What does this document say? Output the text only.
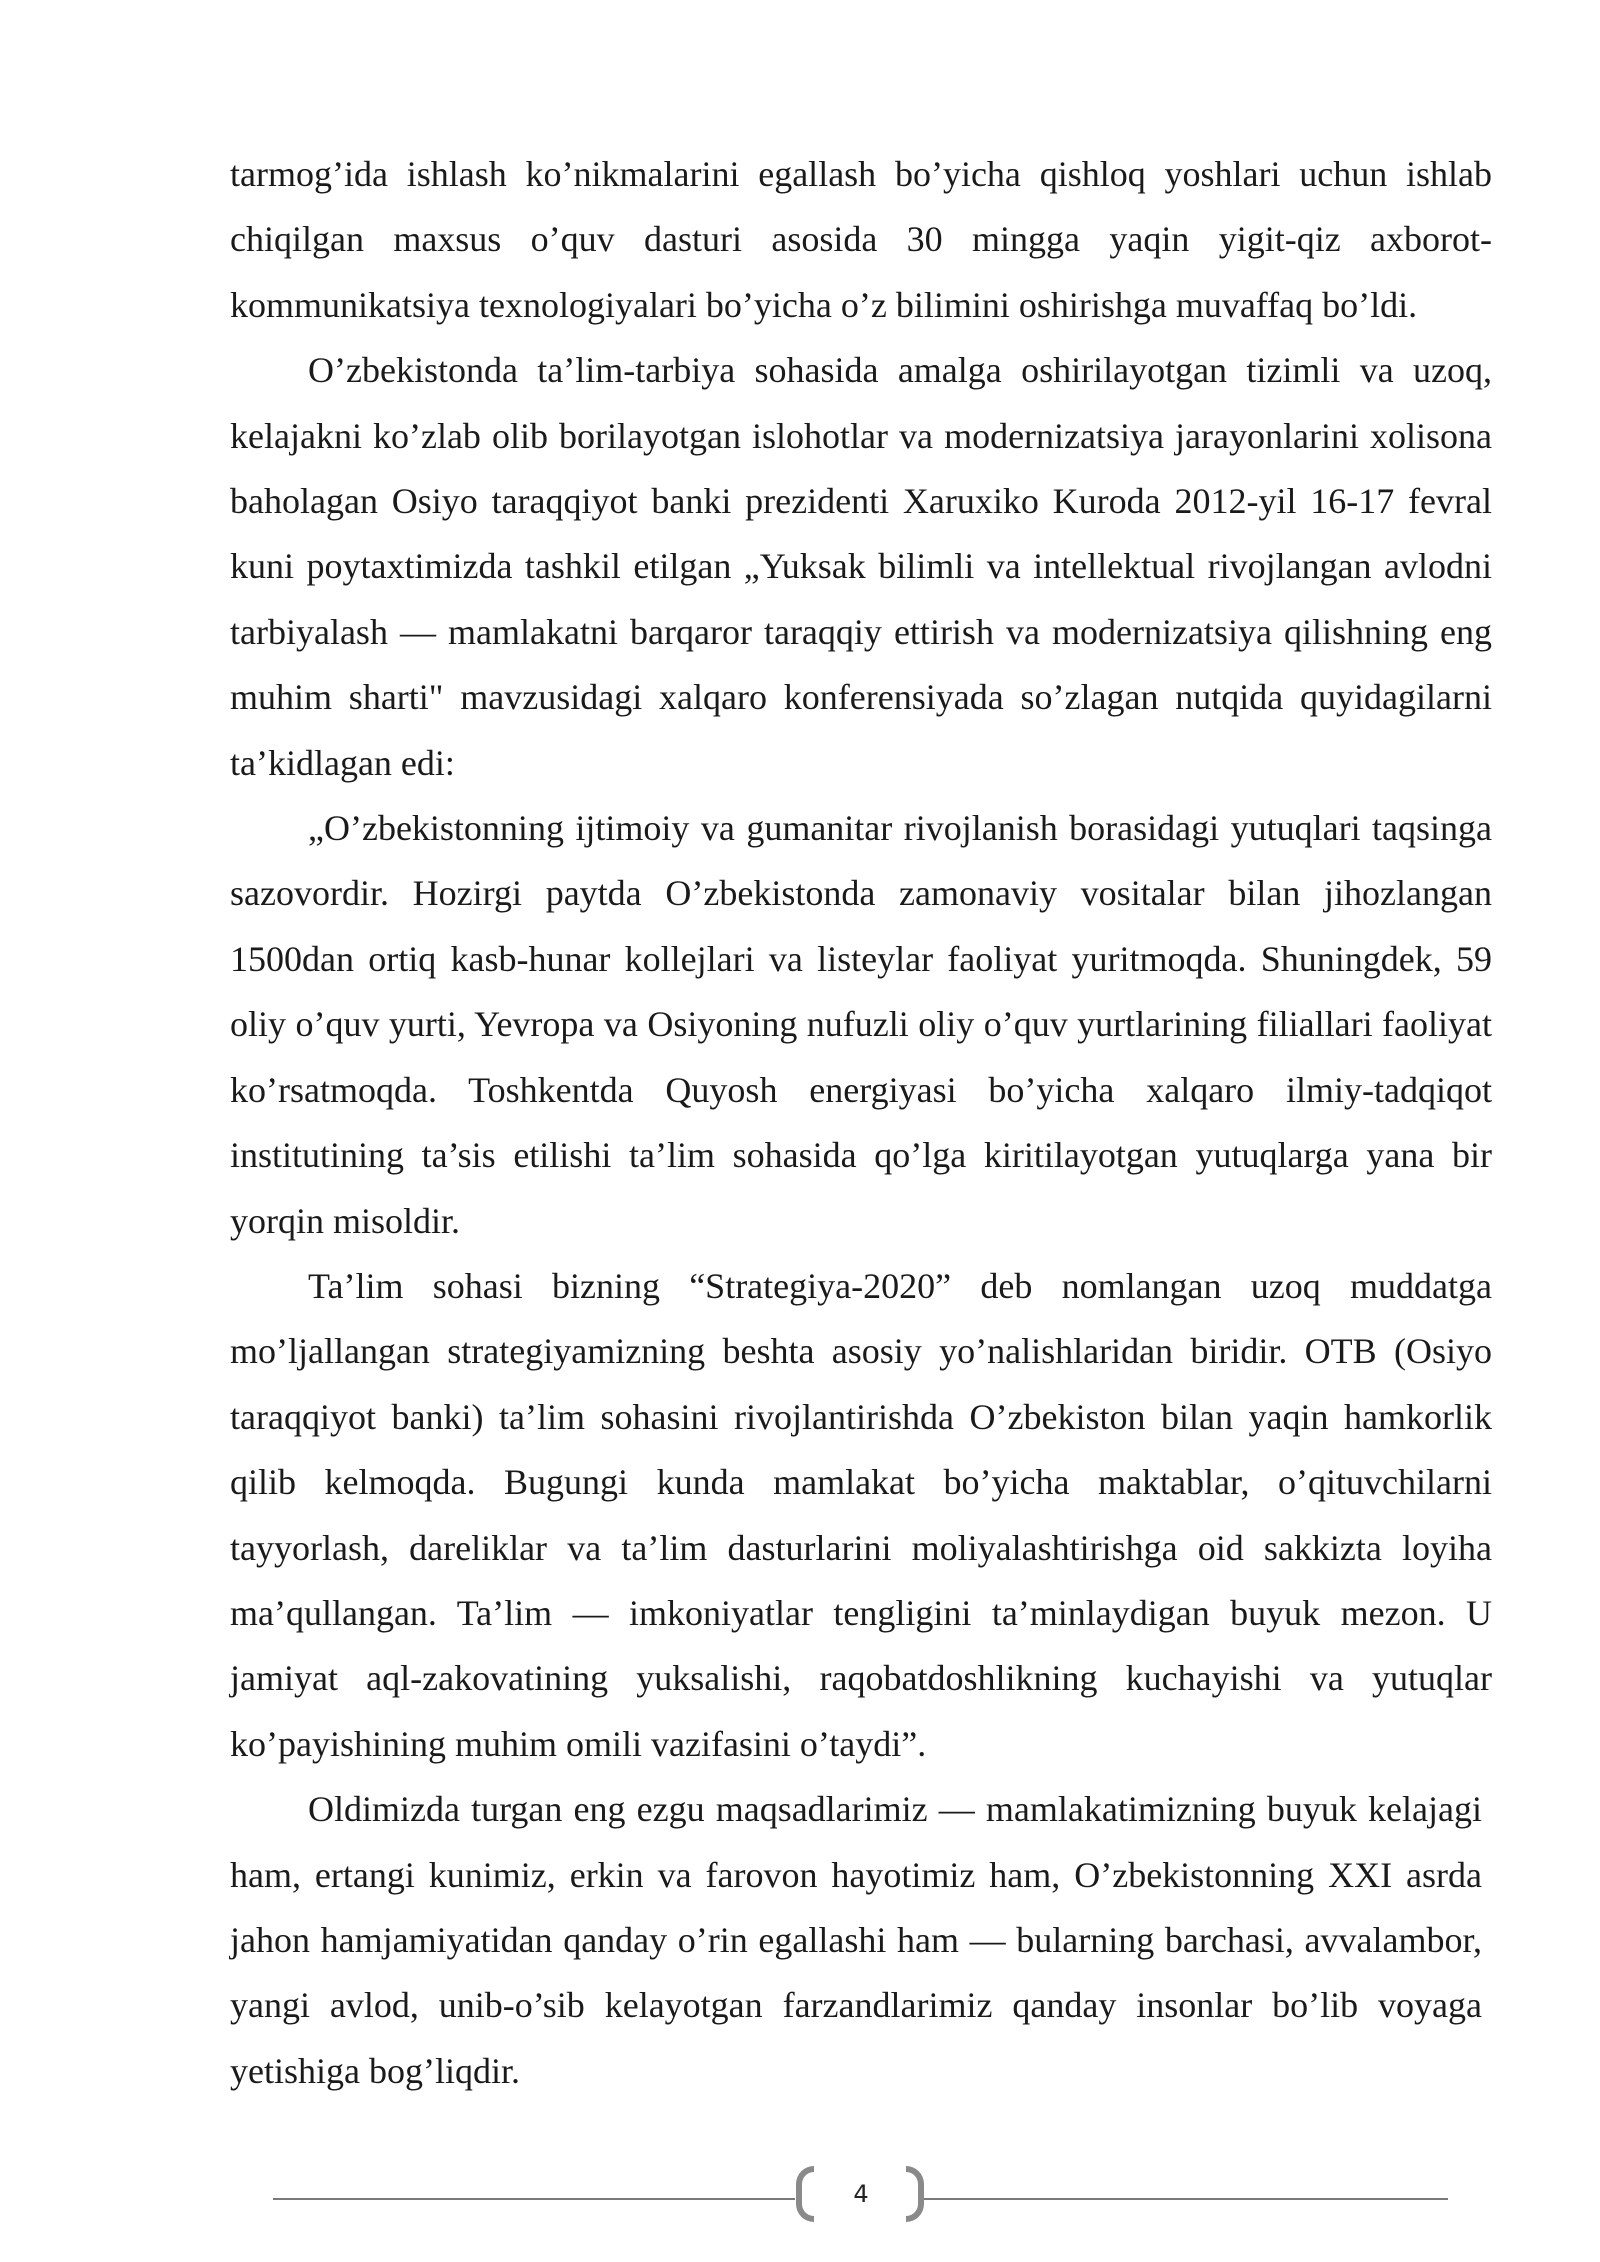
tarmog’ida ishlash ko’nikmalarini egallash bo’yicha qishloq yoshlari uchun ishlab chiqilgan maxsus o’quv dasturi asosida 30 mingga yaqin yigit-qiz axborot-kommunikatsiya texnologiyalari bo’yicha o’z bilimini oshirishga muvaffaq bo’ldi.

O’zbekistonda ta’lim-tarbiya sohasida amalga oshirilayotgan tizimli va uzoq, kelajakni ko’zlab olib borilayotgan islohotlar va modernizatsiya jarayonlarini xolisona baholagan Osiyo taraqqiyot banki prezidenti Xaruxiko Kuroda 2012-yil 16-17 fevral kuni poytaxtimizda tashkil etilgan „Yuksak bilimli va intellektual rivojlangan avlodni tarbiyalash — mamlakatni barqaror taraqqiy ettirish va modernizatsiya qilishning eng muhim sharti" mavzusidagi xalqaro konferensiyada so’zlagan nutqida quyidagilarni ta’kidlagan edi:

„O’zbekistonning ijtimoiy va gumanitar rivojlanish borasidagi yutuqlari taqsinga sazovordir. Hozirgi paytda O’zbekistonda zamonaviy vositalar bilan jihozlangan 1500dan ortiq kasb-hunar kollejlari va listeylar faoliyat yuritmoqda. Shuningdek, 59 oliy o’quv yurti, Yevropa va Osiyoning nufuzli oliy o’quv yurtlarining filiallari faoliyat ko’rsatmoqda. Toshkentda Quyosh energiyasi bo’yicha xalqaro ilmiy-tadqiqot institutining ta’sis etilishi ta’lim sohasida qo’lga kiritilayotgan yutuqlarga yana bir yorqin misoldir.

Ta’lim sohasi bizning “Strategiya-2020” deb nomlangan uzoq muddatga mo’ljallangan strategiyamizning beshta asosiy yo’nalishlaridan biridir. OTB (Osiyo taraqqiyot banki) ta’lim sohasini rivojlantirishda O’zbekiston bilan yaqin hamkorlik qilib kelmoqda. Bugungi kunda mamlakat bo’yicha maktablar, o’qituvchilarni tayyorlash, dareliklar va ta’lim dasturlarini moliyalashtirishga oid sakkizta loyiha ma’qullangan. Ta’lim — imkoniyatlar tengligini ta’minlaydigan buyuk mezon. U jamiyat aql-zakovatining yuksalishi, raqobatdoshlikning kuchayishi va yutuqlar ko’payishining muhim omili vazifasini o’taydi”.

Oldimizda turgan eng ezgu maqsadlarimiz — mamlakatimizning buyuk kelajagi ham, ertangi kunimiz, erkin va farovon hayotimiz ham, O’zbekistonning XXI asrda jahon hamjamiyatidan qanday o’rin egallashi ham — bularning barchasi, avvalambor, yangi avlod, unib-o’sib kelayotgan farzandlarimiz qanday insonlar bo’lib voyaga yetishiga bog’liqdir.

4
